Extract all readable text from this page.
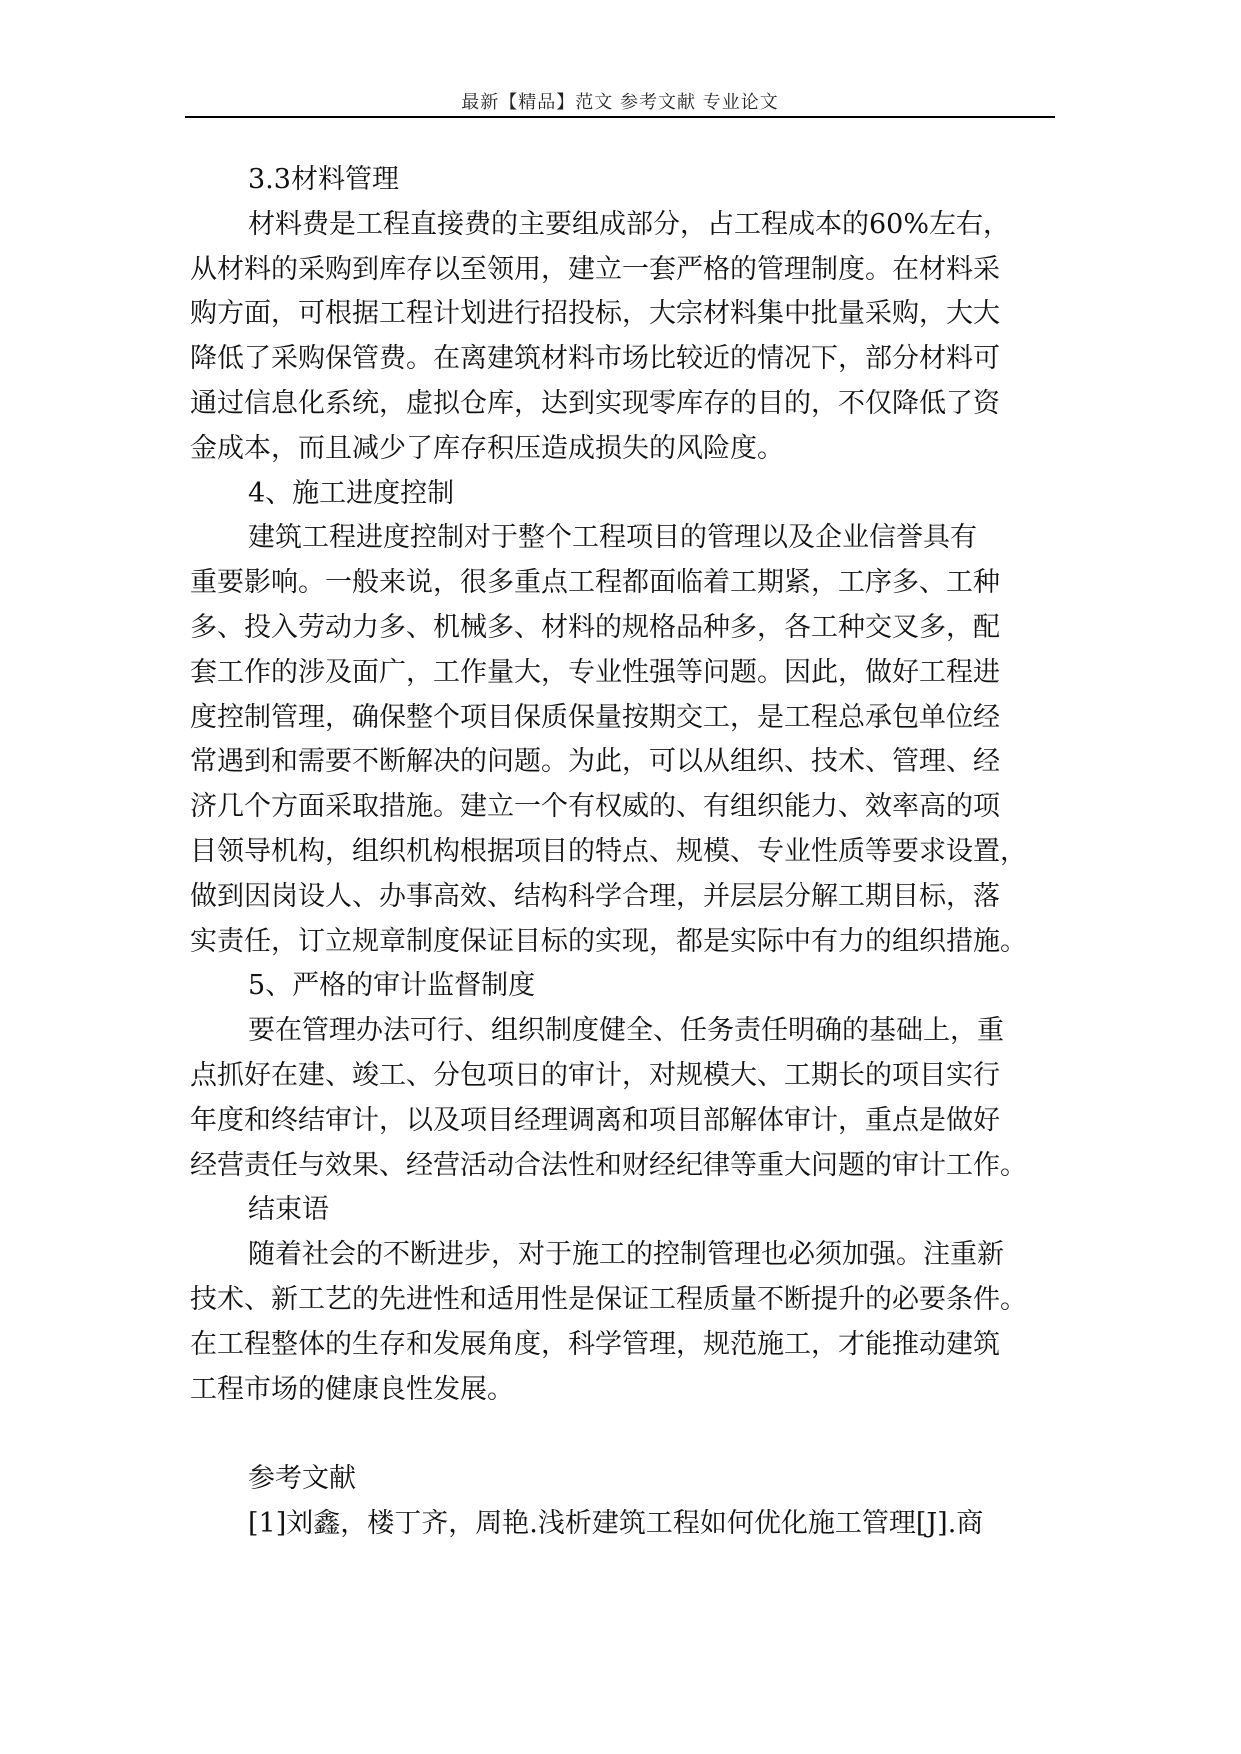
最新【精品】范文 参考文献 专业论文
3.3材料管理
材料费是工程直接费的主要组成部分，占工程成本的60%左右，
从材料的采购到库存以至领用，建立一套严格的管理制度。在材料采
购方面，可根据工程计划进行招投标，大宗材料集中批量采购，大大
降低了采购保管费。在离建筑材料市场比较近的情况下，部分材料可
通过信息化系统，虚拟仓库，达到实现零库存的目的，不仅降低了资
金成本，而且减少了库存积压造成损失的风险度。
4、施工进度控制
建筑工程进度控制对于整个工程项目的管理以及企业信誉具有
重要影响。一般来说，很多重点工程都面临着工期紧，工序多、工种
多、投入劳动力多、机械多、材料的规格品种多，各工种交叉多，配
套工作的涉及面广，工作量大，专业性强等问题。因此，做好工程进
度控制管理，确保整个项目保质保量按期交工，是工程总承包单位经
常遇到和需要不断解决的问题。为此，可以从组织、技术、管理、经
济几个方面采取措施。建立一个有权威的、有组织能力、效率高的项
目领导机构，组织机构根据项目的特点、规模、专业性质等要求设置，
做到因岗设人、办事高效、结构科学合理，并层层分解工期目标，落
实责任，订立规章制度保证目标的实现，都是实际中有力的组织措施。
5、严格的审计监督制度
要在管理办法可行、组织制度健全、任务责任明确的基础上，重
点抓好在建、竣工、分包项日的审计，对规模大、工期长的项目实行
年度和终结审计，以及项目经理调离和项目部解体审计，重点是做好
经营责任与效果、经营活动合法性和财经纪律等重大问题的审计工作。
结束语
随着社会的不断进步，对于施工的控制管理也必须加强。注重新
技术、新工艺的先进性和适用性是保证工程质量不断提升的必要条件。
在工程整体的生存和发展角度，科学管理，规范施工，才能推动建筑
工程市场的健康良性发展。
参考文献
[1]刘鑫，楼丁齐，周艳.浅析建筑工程如何优化施工管理[J].商
